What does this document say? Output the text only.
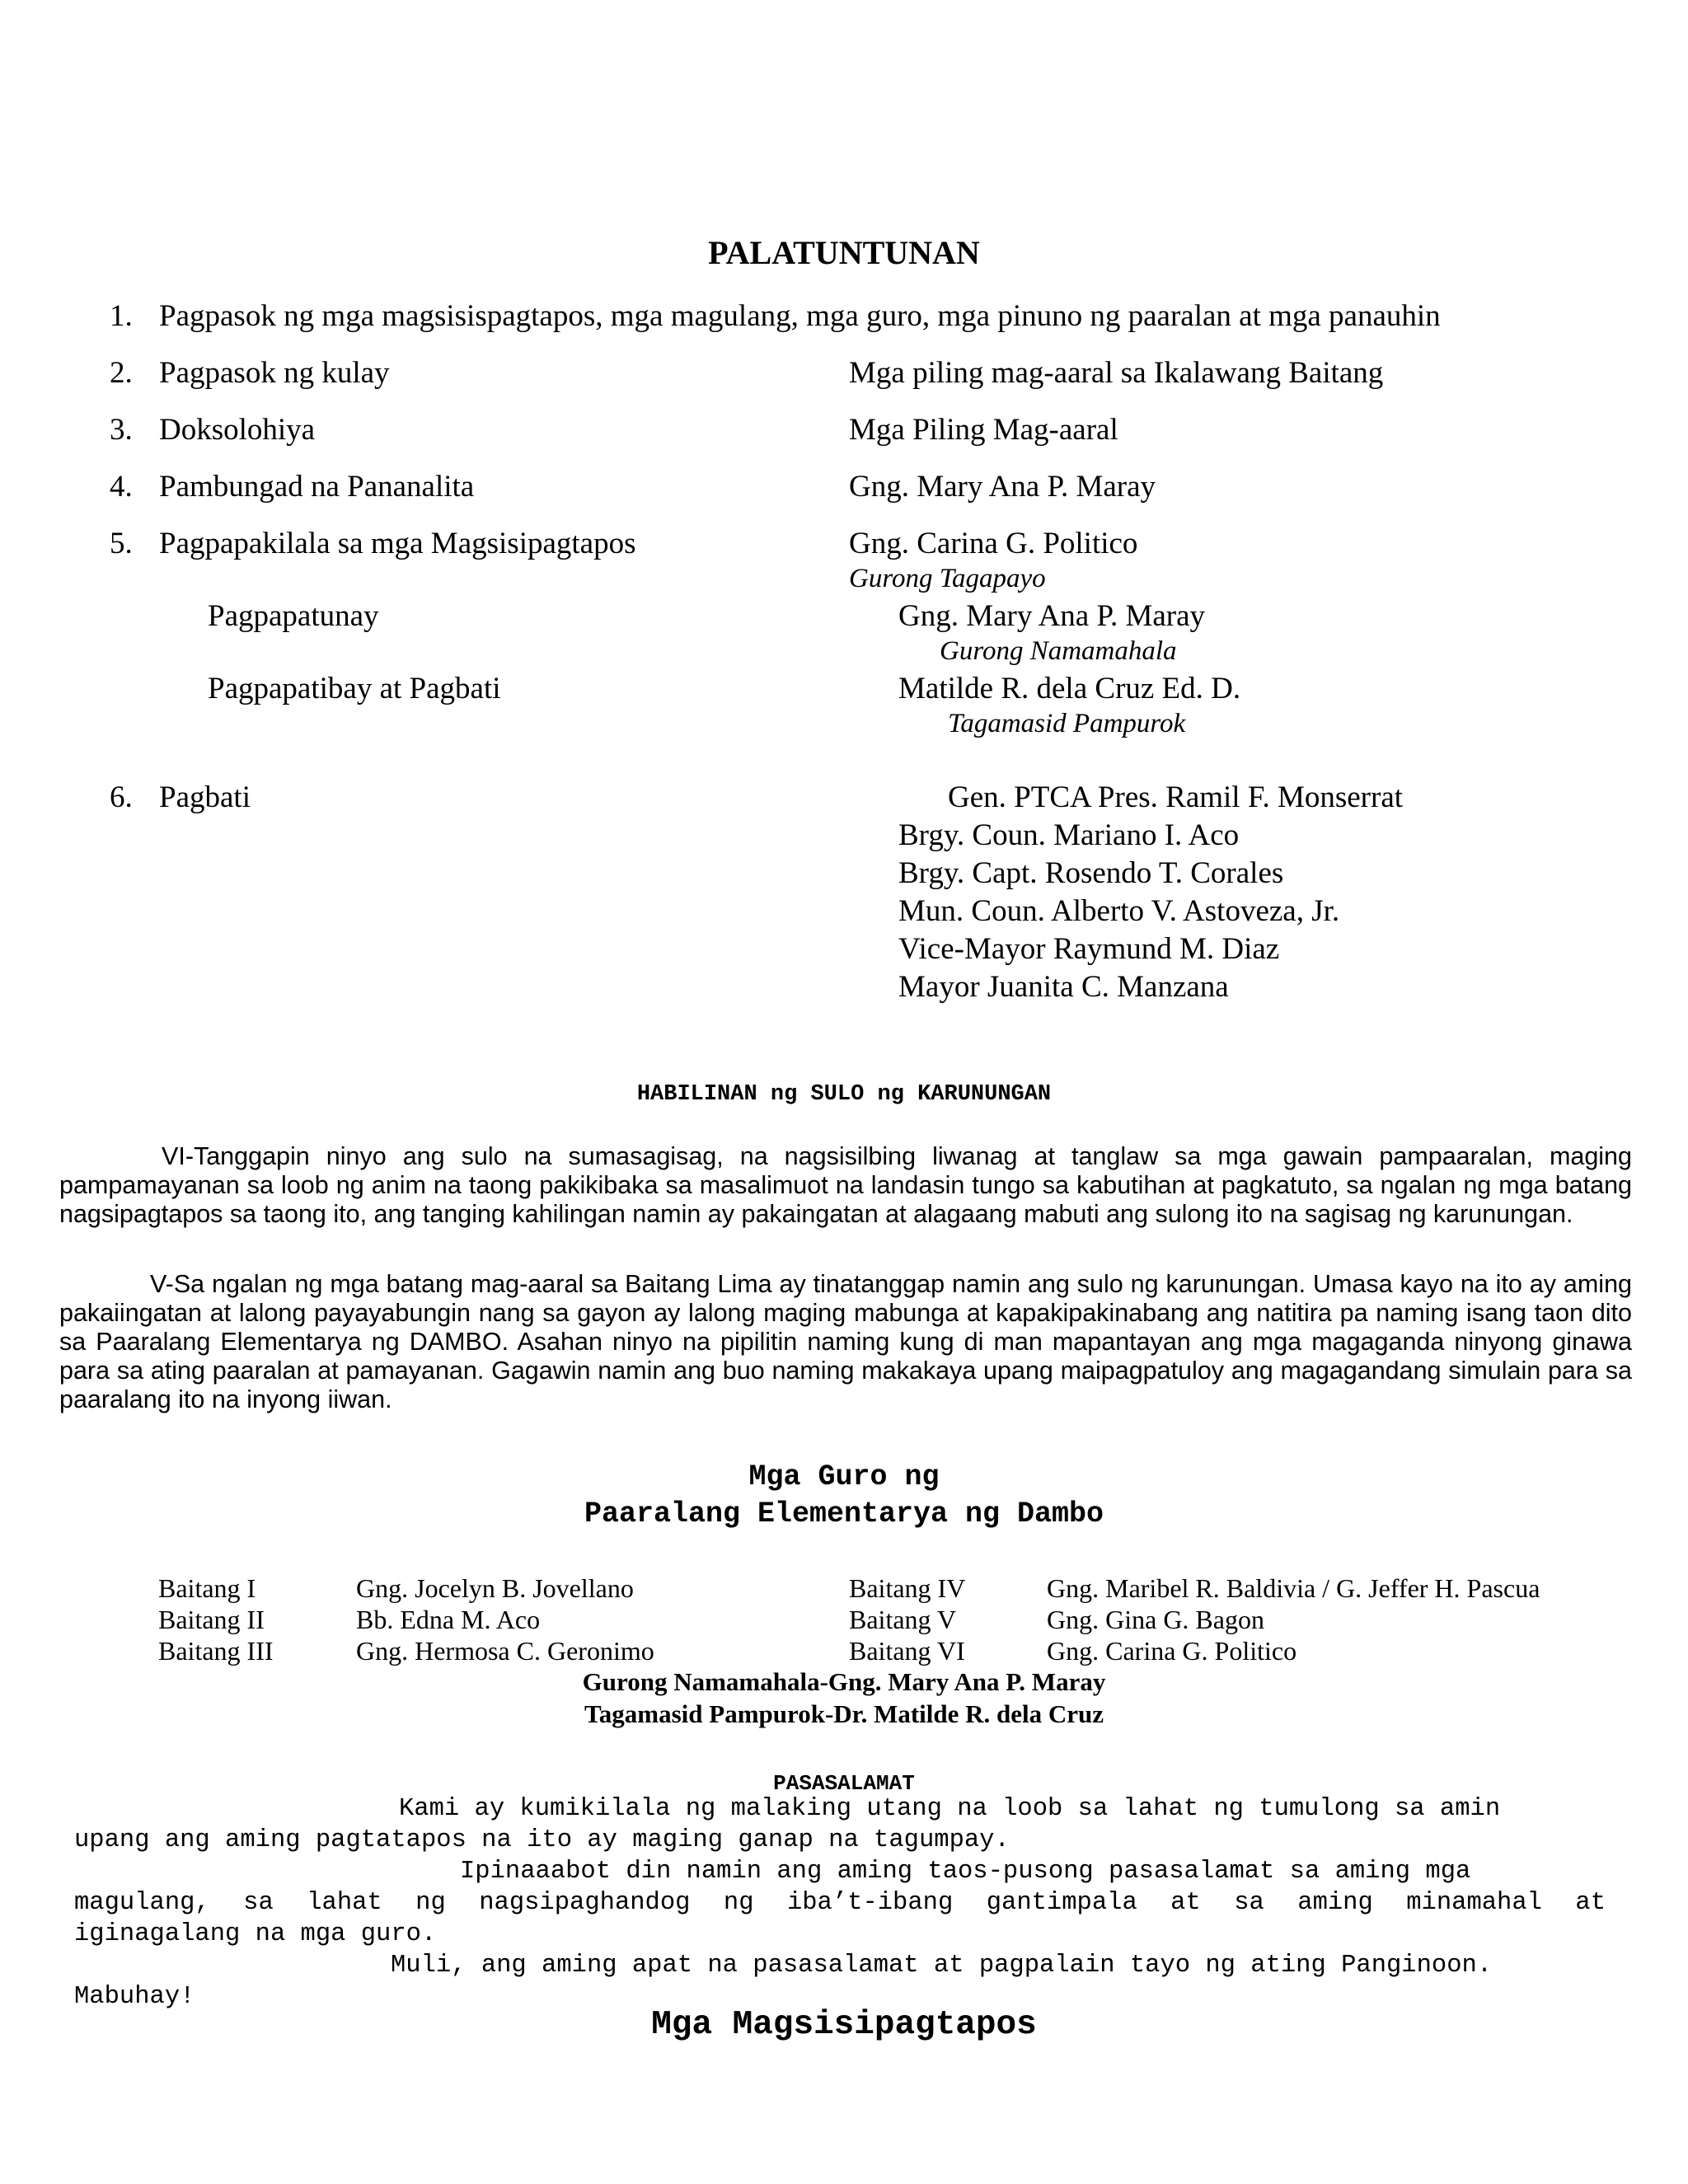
PALATUNTUNAN
1. Pagpasok ng mga magsisispagtapos, mga magulang, mga guro, mga pinuno ng paaralan at mga panauhin
2. Pagpasok ng kulay	Mga piling mag-aaral sa Ikalawang Baitang
3. Doksolohiya	Mga Piling Mag-aaral
4. Pambungad na Pananalita	Gng. Mary Ana P. Maray
5. Pagpapakilala sa mga Magsisipagtapos	Gng. Carina G. Politico
Gurong Tagapayo
Pagpapatunay	Gng. Mary Ana P. Maray
Gurong Namamahala
Pagpapatibay at Pagbati	Matilde R. dela Cruz Ed. D.
Tagamasid Pampurok
6. Pagbati	Gen. PTCA Pres. Ramil F. Monserrat
Brgy. Coun. Mariano I. Aco
Brgy. Capt. Rosendo T. Corales
Mun. Coun. Alberto V. Astoveza, Jr.
Vice-Mayor Raymund M. Diaz
Mayor Juanita C. Manzana
HABILINAN ng SULO ng KARUNUNGAN
VI-Tanggapin ninyo ang sulo na sumasagisag, na nagsisilbing liwanag at tanglaw sa mga gawain pampaaralan, maging pampamayanan sa loob ng anim na taong pakikibaka sa masalimuot na landasin tungo sa kabutihan at pagkatuto, sa ngalan ng mga batang nagsipagtapos sa taong ito, ang tanging kahilingan namin ay pakaingatan at alagaang mabuti ang sulong ito na sagisag ng karunungan.
V-Sa ngalan ng mga batang mag-aaral sa Baitang Lima ay tinatanggap namin ang sulo ng karunungan. Umasa kayo na ito ay aming pakaiingatan at lalong payayabungin nang sa gayon ay lalong maging mabunga at kapakipakinabang ang natitira pa naming isang taon dito sa Paaralang Elementarya ng DAMBO. Asahan ninyo na pipilitin naming kung di man mapantayan ang mga magaganda ninyong ginawa para sa ating paaralan at pamayanan. Gagawin namin ang buo naming makakaya upang maipagpatuloy ang magagandang simulain para sa paaralang ito na inyong iiwan.
Mga Guro ng
Paaralang Elementarya ng Dambo
Baitang I	Gng. Jocelyn B. Jovellano	Baitang IV	Gng. Maribel R. Baldivia / G. Jeffer H. Pascua
Baitang II	Bb. Edna M. Aco	Baitang V	Gng. Gina G. Bagon
Baitang III	Gng. Hermosa C. Geronimo	Baitang VI	Gng. Carina G. Politico
Gurong Namamahala-Gng. Mary Ana P. Maray
Tagamasid Pampurok-Dr. Matilde R. dela Cruz
PASASALAMAT
Kami ay kumikilala ng malaking utang na loob sa lahat ng tumulong sa amin
upang ang aming pagtatapos na ito ay maging ganap na tagumpay.
Ipinaaabot din namin ang aming taos-pusong pasasalamat sa aming mga
magulang, sa lahat ng nagsipaghandog ng iba’t-ibang gantimpala at sa aming minamahal at
iginagalang na mga guro.
Muli, ang aming apat na pasasalamat at pagpalain tayo ng ating Panginoon.
Mabuhay!
Mga Magsisipagtapos
